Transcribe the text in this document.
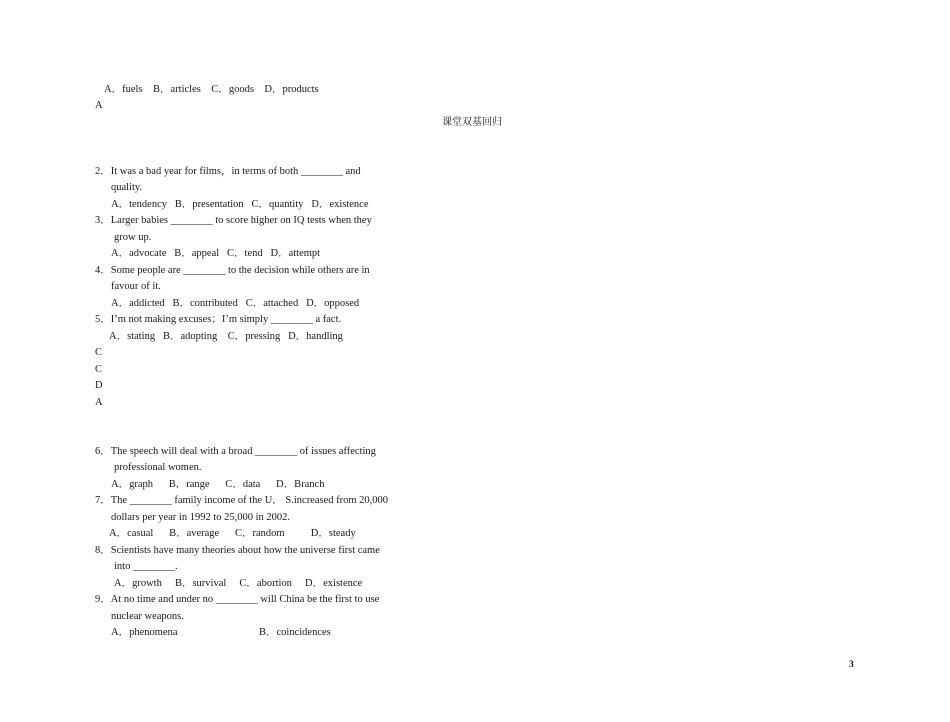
A．fuels    B．articles    C．goods    D．products
A
课堂双基回归
2．It was a bad year for films，in terms of both ________ and
quality.
A．tendency   B．presentation   C．quantity   D．existence
3．Larger babies ________ to score higher on IQ tests when they
grow up.
A．advocate   B．appeal   C．tend   D．attempt
4．Some people are ________ to the decision while others are in
favour of it.
A．addicted   B．contributed   C．attached   D．opposed
5．I’m not making excuses；I’m simply ________ a fact.
A．stating   B．adopting    C．pressing   D．handling
C
C
D
A
6．The speech will deal with a broad ________ of issues affecting
professional women.
A．graph      B．range      C．data      D．Branch
7．The ________ family income of the U． S.increased from 20,000
dollars per year in 1992 to 25,000 in 2002.
A．casual      B．average      C．random          D．steady
8．Scientists have many theories about how the universe first came
into ________.
A．growth     B．survival     C．abortion     D．existence
9．At no time and under no ________ will China be the first to use
nuclear weapons.
A．phenomena	B．coincidences
3
